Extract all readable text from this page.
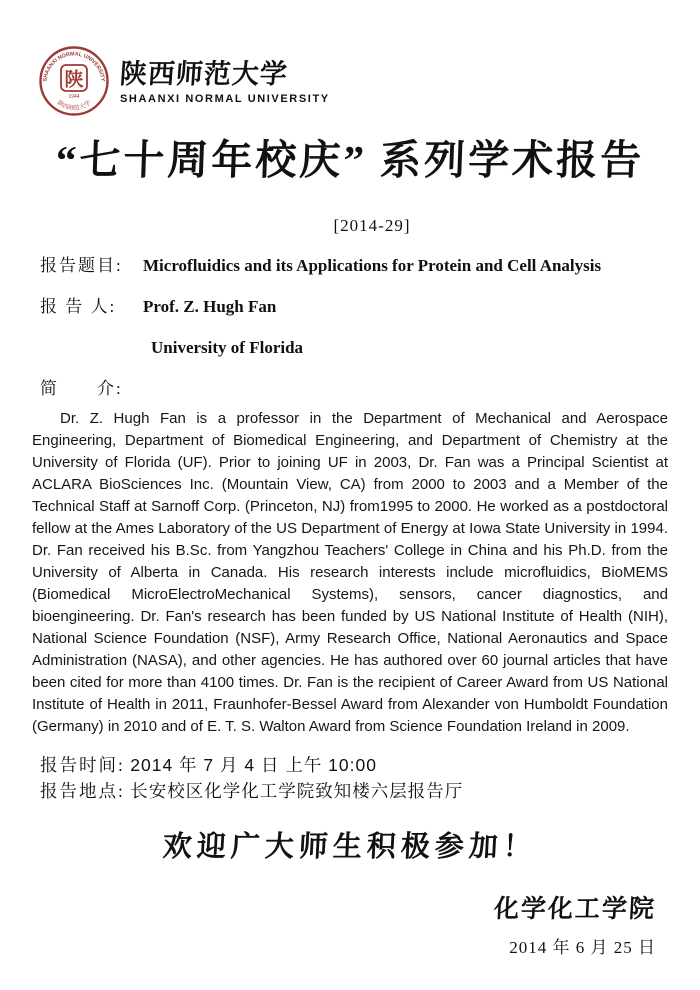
SHAANXI NORMAL UNIVERSITY
陕西师范大学
陕
1944
陕西师范大学
SHAANXI NORMAL UNIVERSITY
“七十周年校庆” 系列学术报告
[2014-29]
报告题目: Microfluidics and its Applications for Protein and Cell Analysis
报 告 人: Prof. Z. Hugh Fan
University of Florida
简　　介:

Dr. Z. Hugh Fan is a professor in the Department of Mechanical and Aerospace Engineering, Department of Biomedical Engineering, and Department of Chemistry at the University of Florida (UF). Prior to joining UF in 2003, Dr. Fan was a Principal Scientist at ACLARA BioSciences Inc. (Mountain View, CA) from 2000 to 2003 and a Member of the Technical Staff at Sarnoff Corp. (Princeton, NJ) from1995 to 2000. He worked as a postdoctoral fellow at the Ames Laboratory of the US Department of Energy at Iowa State University in 1994. Dr. Fan received his B.Sc. from Yangzhou Teachers' College in China and his Ph.D. from the University of Alberta in Canada. His research interests include microfluidics, BioMEMS (Biomedical MicroElectroMechanical Systems), sensors, cancer diagnostics, and bioengineering. Dr. Fan's research has been funded by US National Institute of Health (NIH), National Science Foundation (NSF), Army Research Office, National Aeronautics and Space Administration (NASA), and other agencies. He has authored over 60 journal articles that have been cited for more than 4100 times. Dr. Fan is the recipient of Career Award from US National Institute of Health in 2011, Fraunhofer-Bessel Award from Alexander von Humboldt Foundation (Germany) in 2010 and of E. T. S. Walton Award from Science Foundation Ireland in 2009.

报告时间: 2014 年 7 月 4 日 上午 10:00
报告地点: 长安校区化学化工学院致知楼六层报告厅
欢迎广大师生积极参加！
化学化工学院
2014 年 6 月 25 日
